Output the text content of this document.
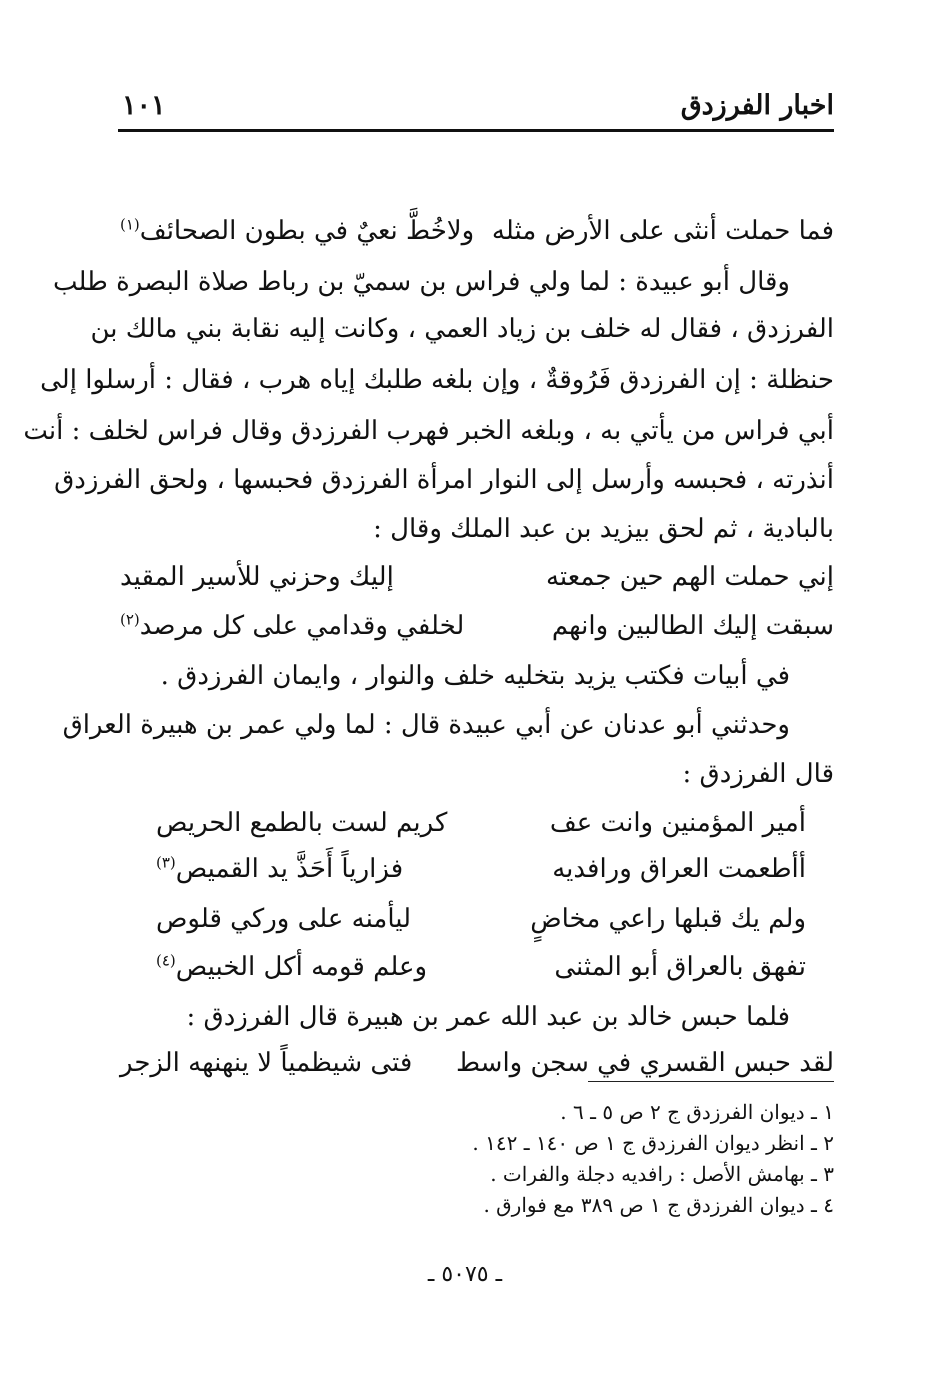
اخبار الفرزدق
١٠١
فما حملت أنثى على الأرض مثله
ولاخُطَّ نعيٌ في بطون الصحائف$^{(١)}$
وقال أبو عبيدة : لما ولي فراس بن سميّ بن رباط صلاة البصرة طلب
الفرزدق ، فقال له خلف بن زياد العمي ، وكانت إليه نقابة بني مالك بن
حنظلة : إن الفرزدق فَرُوقةٌ ، وإن بلغه طلبك إياه هرب ، فقال : أرسلوا إلى
أبي فراس من يأتي به ، وبلغه الخبر فهرب الفرزدق وقال فراس لخلف : أنت
أنذرته ، فحبسه وأرسل إلى النوار امرأة الفرزدق فحبسها ، ولحق الفرزدق
بالبادية ، ثم لحق بيزيد بن عبد الملك وقال :
إني حملت الهم حين جمعته
إليك وحزني للأسير المقيد
سبقت إليك الطالبين وانهم
لخلفي وقدامي على كل مرصد$^{(٢)}$
في أبيات فكتب يزيد بتخليه خلف والنوار ، وايمان الفرزدق .
وحدثني أبو عدنان عن أبي عبيدة قال : لما ولي عمر بن هبيرة العراق
قال الفرزدق :
أمير المؤمنين وانت عف
كريم لست بالطمع الحريص
أأطعمت العراق ورافديه
فزارياً أَحَذَّ يد القميص$^{(٣)}$
ولم يك قبلها راعي مخاضٍ
ليأمنه على وركي قلوص
تفهق بالعراق أبو المثنى
وعلم قومه أكل الخبيص$^{(٤)}$
فلما حبس خالد بن عبد الله عمر بن هبيرة قال الفرزدق :
لقد حبس القسري في سجن واسط
فتى شيظمياً لا ينهنهه الزجر
١ ـ ديوان الفرزدق ج ٢ ص ٥ ـ ٦ .
٢ ـ انظر ديوان الفرزدق ج ١ ص ١٤٠ ـ ١٤٢ .
٣ ـ بهامش الأصل : رافديه دجلة والفرات .
٤ ـ ديوان الفرزدق ج ١ ص ٣٨٩ مع فوارق .
ـ ٥٠٧٥ ـ
